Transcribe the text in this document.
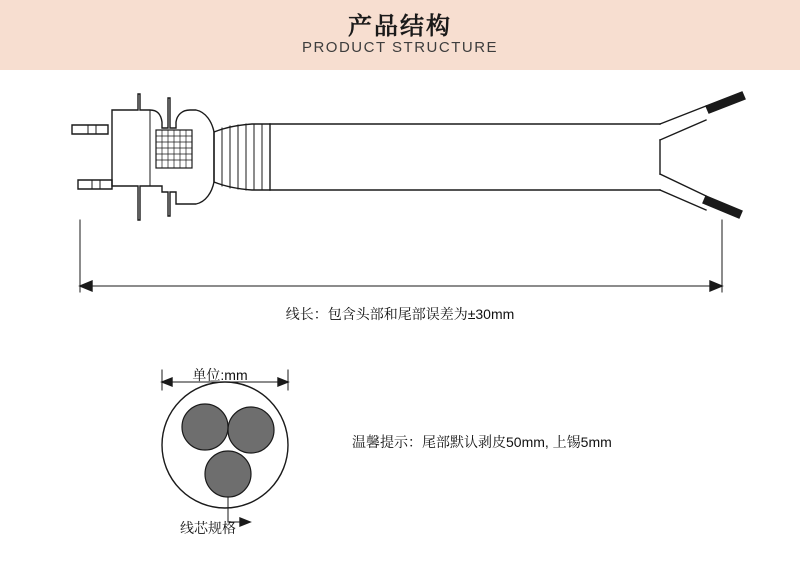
产品结构
PRODUCT STRUCTURE
线长：包含头部和尾部误差为±30mm
单位:mm
线芯规格
温馨提示：尾部默认剥皮50mm, 上锡5mm
